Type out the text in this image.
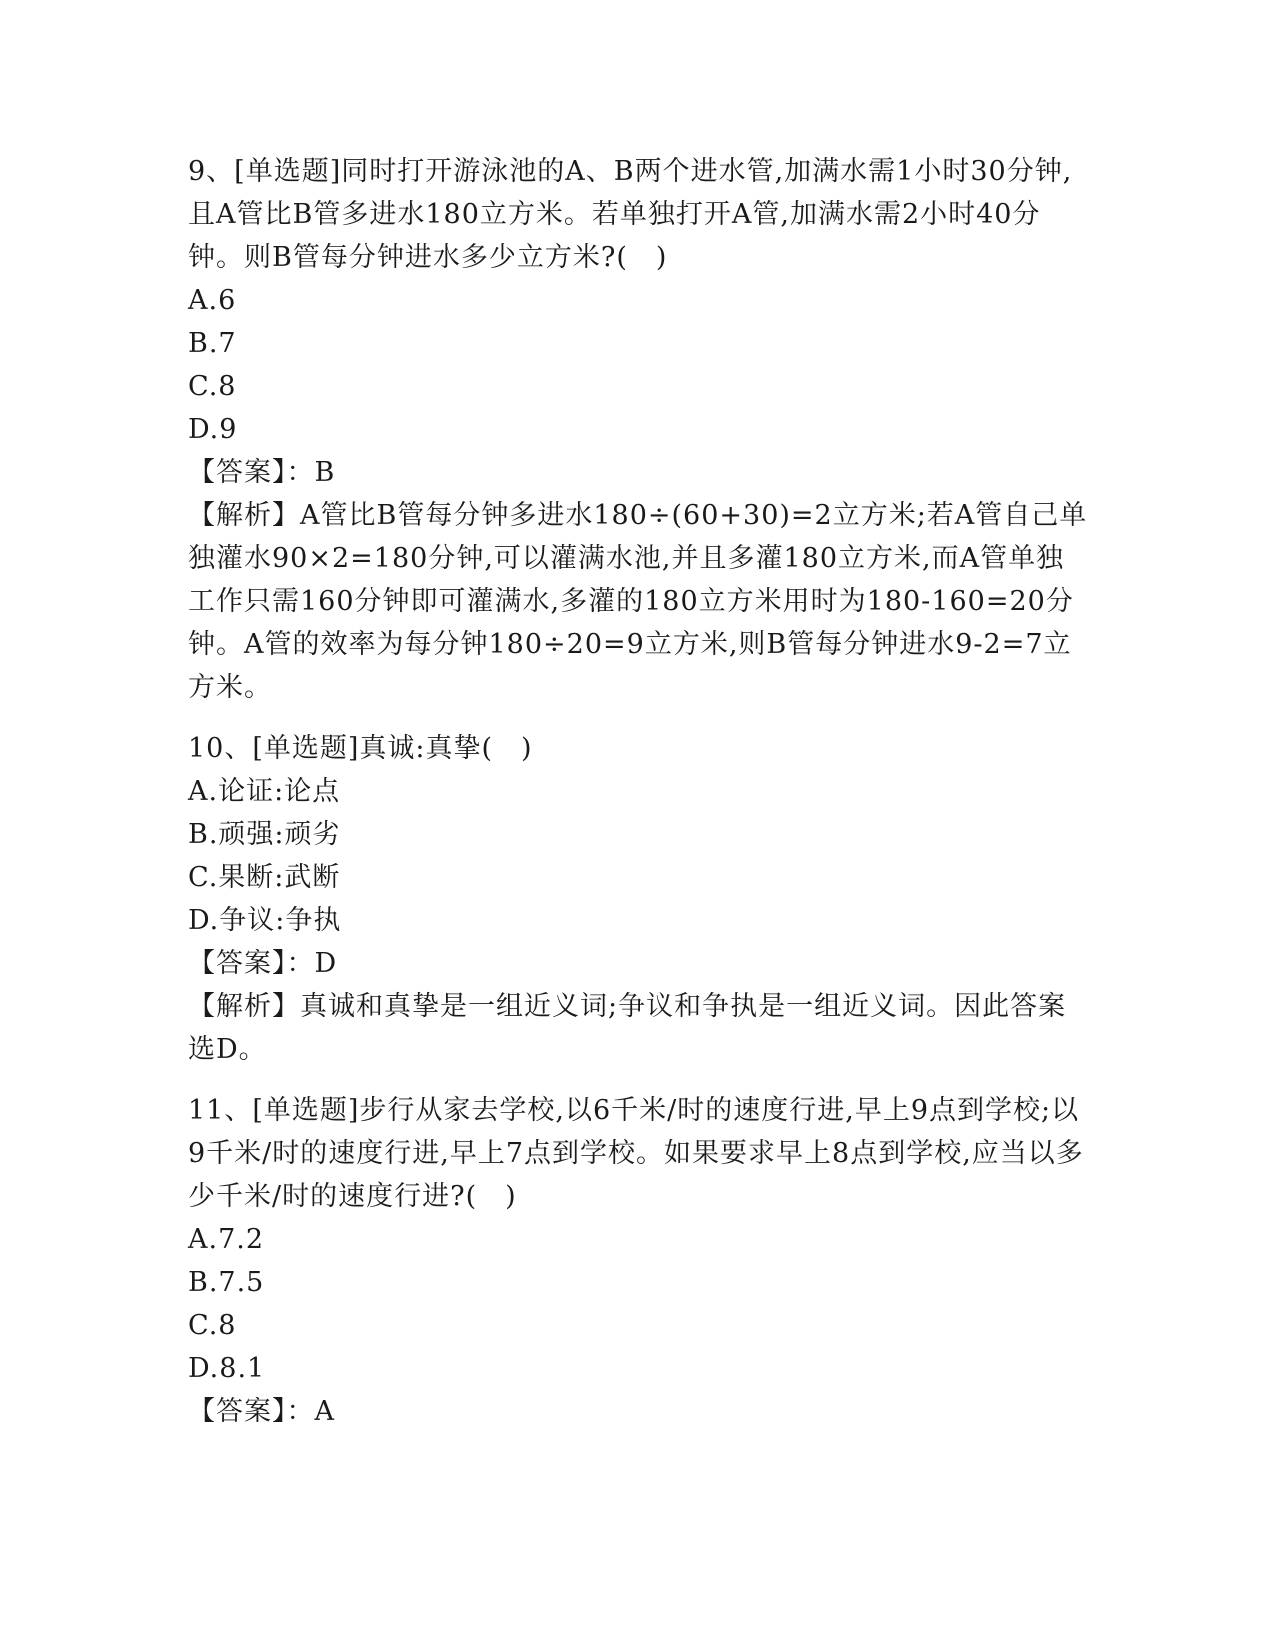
9、[单选题]同时打开游泳池的A、B两个进水管,加满水需1小时30分钟,且A管比B管多进水180立方米。若单独打开A管,加满水需2小时40分钟。则B管每分钟进水多少立方米?(　)

A.6

B.7

C.8

D.9

【答案】：B

【解析】A管比B管每分钟多进水180÷(60+30)=2立方米;若A管自己单独灌水90×2=180分钟,可以灌满水池,并且多灌180立方米,而A管单独工作只需160分钟即可灌满水,多灌的180立方米用时为180-160=20分钟。A管的效率为每分钟180÷20=9立方米,则B管每分钟进水9-2=7立方米。

10、[单选题]真诚:真挚(　)

A.论证:论点

B.顽强:顽劣

C.果断:武断

D.争议:争执

【答案】：D

【解析】真诚和真挚是一组近义词;争议和争执是一组近义词。因此答案选D。

11、[单选题]步行从家去学校,以6千米/时的速度行进,早上9点到学校;以9千米/时的速度行进,早上7点到学校。如果要求早上8点到学校,应当以多少千米/时的速度行进?(　)

A.7.2

B.7.5

C.8

D.8.1

【答案】：A
